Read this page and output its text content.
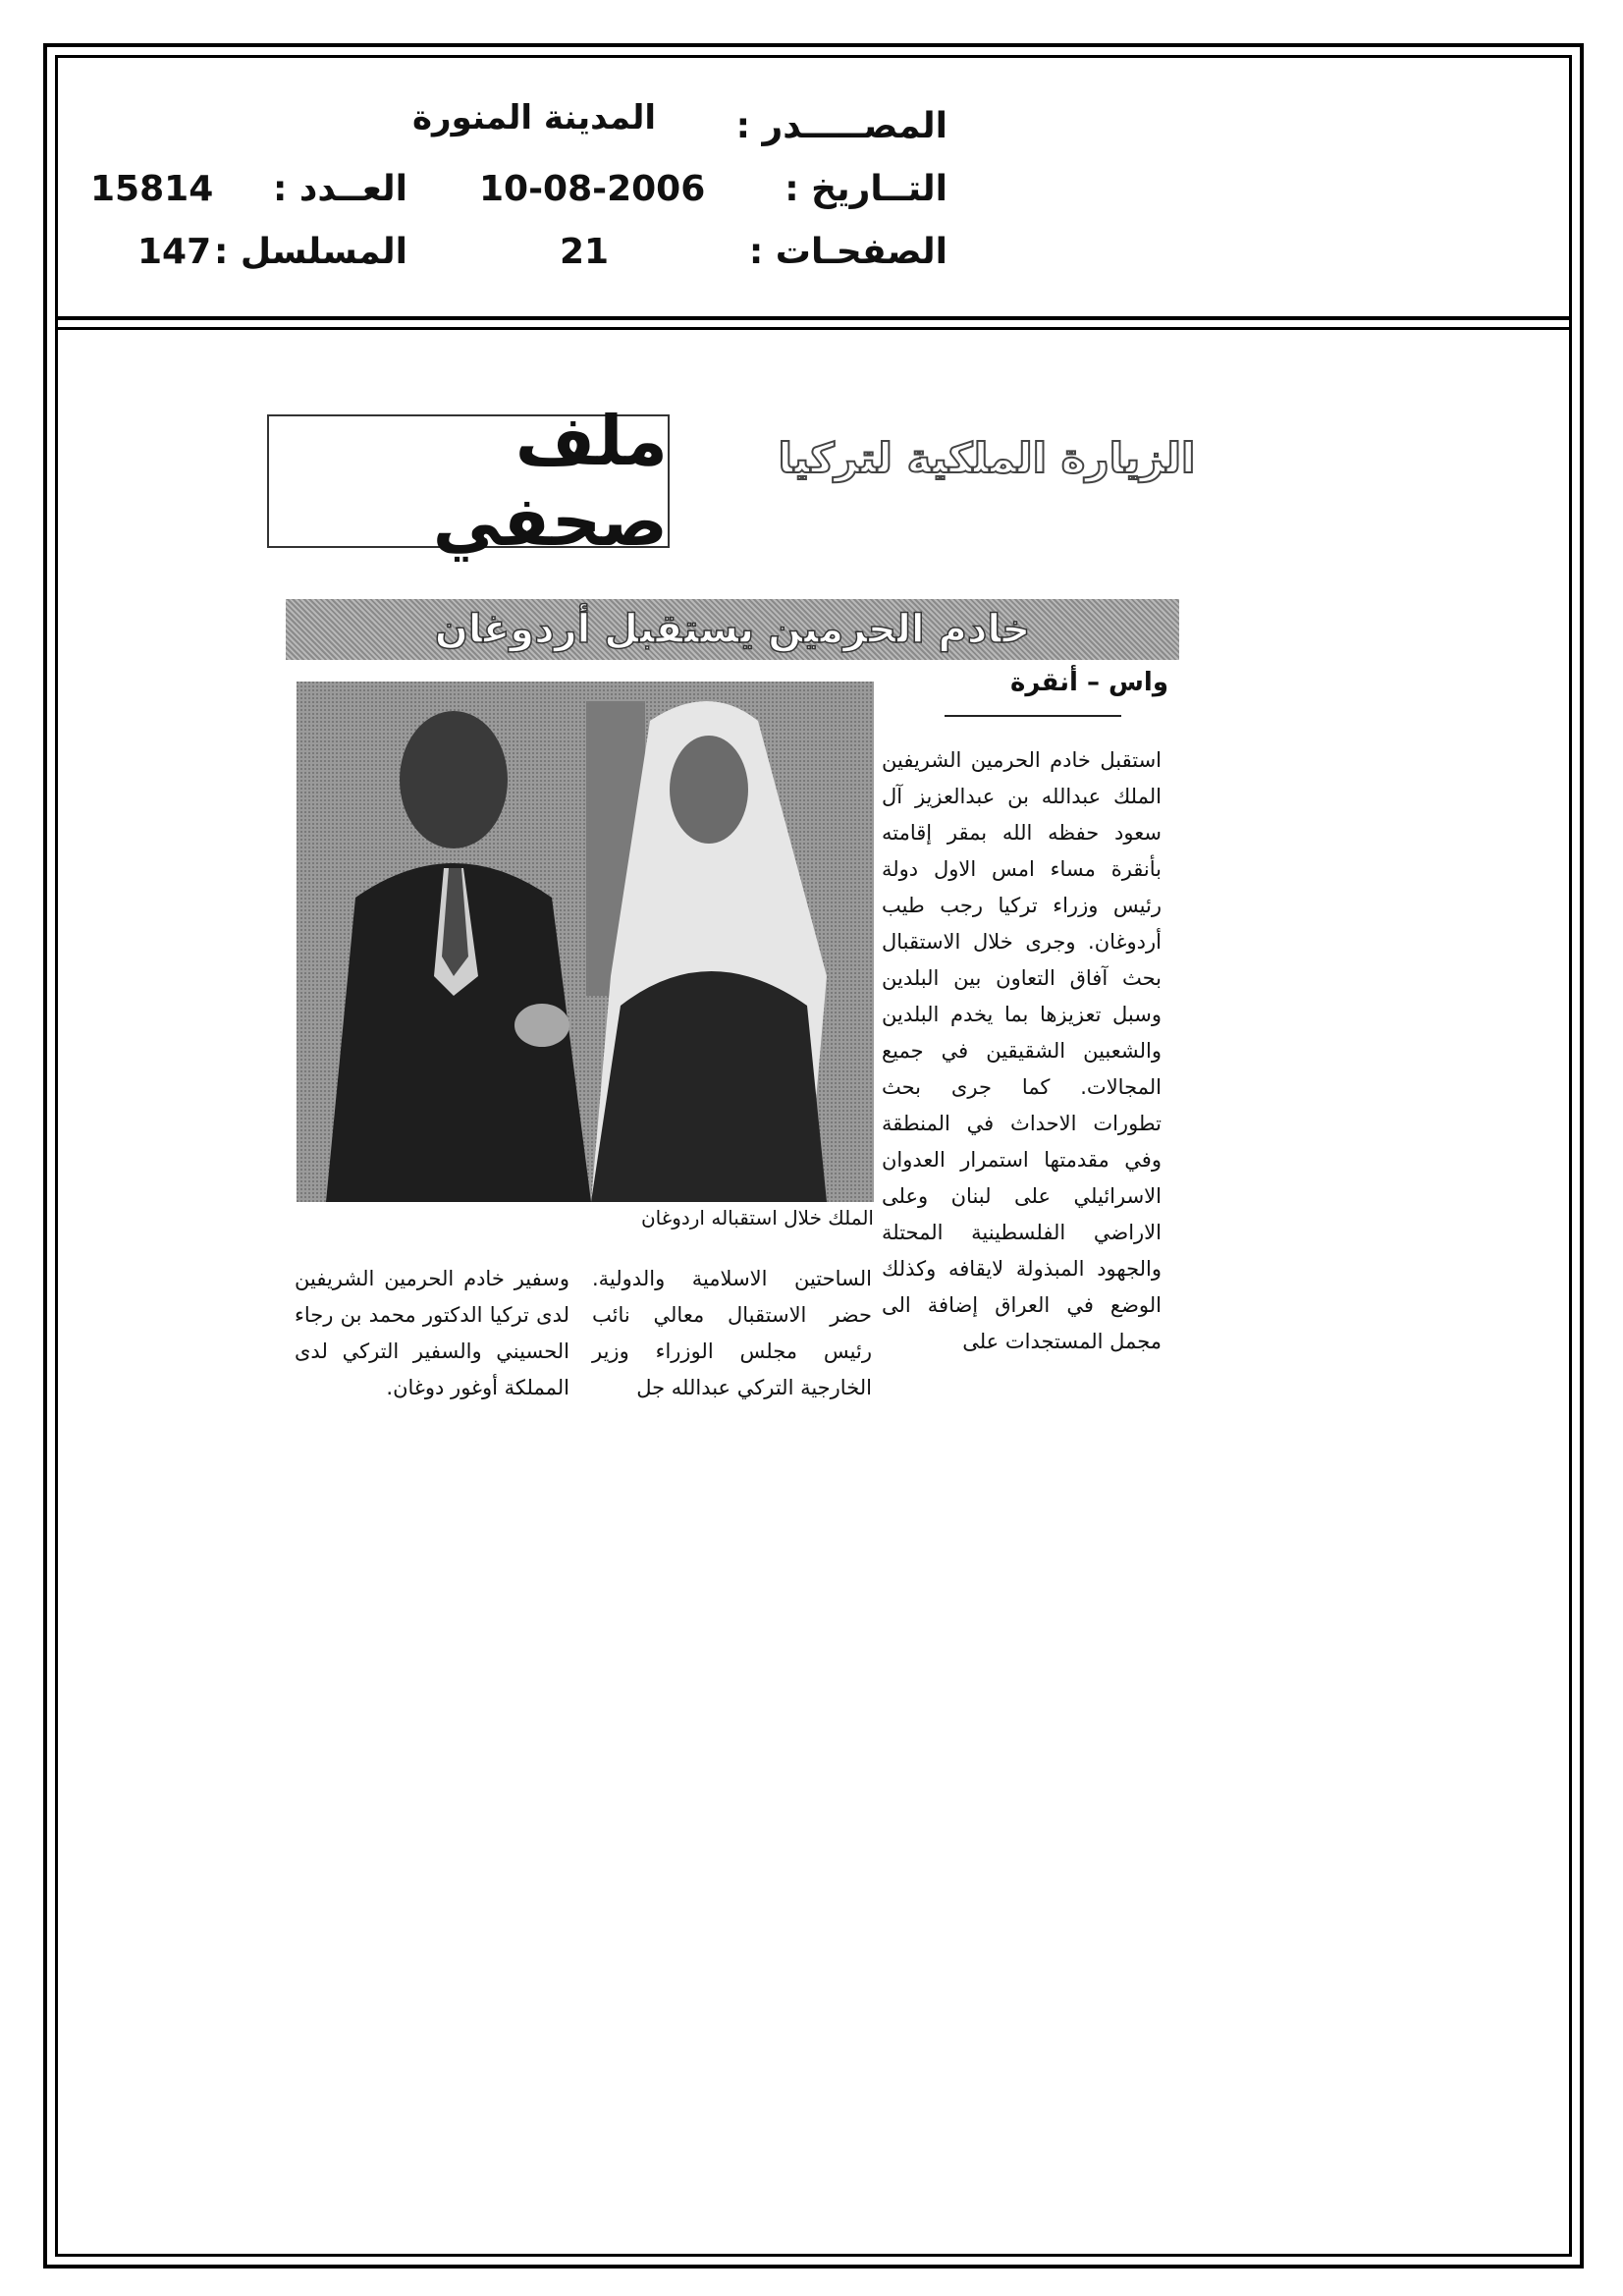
المصـــــدر :
المدينة المنورة
التــاريخ :
10-08-2006
العــدد :
15814
الصفحـات :
21
المسلسل :
147
ملف صحفي
الزيارة الملكية لتركيا
خادم الحرمين يستقبل أردوغان
الملك خلال استقباله اردوغان
واس – أنقرة
استقبل خادم الحرمين الشريفين الملك عبدالله بن عبدالعزيز آل سعود حفظه الله بمقر إقامته بأنقرة مساء امس الاول دولة رئيس وزراء تركيا رجب طيب أردوغان. وجرى خلال الاستقبال بحث آفاق التعاون بين البلدين وسبل تعزيزها بما يخدم البلدين والشعبين الشقيقين في جميع المجالات. كما جرى بحث تطورات الاحداث في المنطقة وفي مقدمتها استمرار العدوان الاسرائيلي على لبنان وعلى الاراضي الفلسطينية المحتلة والجهود المبذولة لايقافه وكذلك الوضع في العراق إضافة الى مجمل المستجدات على
الساحتين الاسلامية والدولية. حضر الاستقبال معالي نائب رئيس مجلس الوزراء وزير الخارجية التركي عبدالله جل
وسفير خادم الحرمين الشريفين لدى تركيا الدكتور محمد بن رجاء الحسيني والسفير التركي لدى المملكة أوغور دوغان.
